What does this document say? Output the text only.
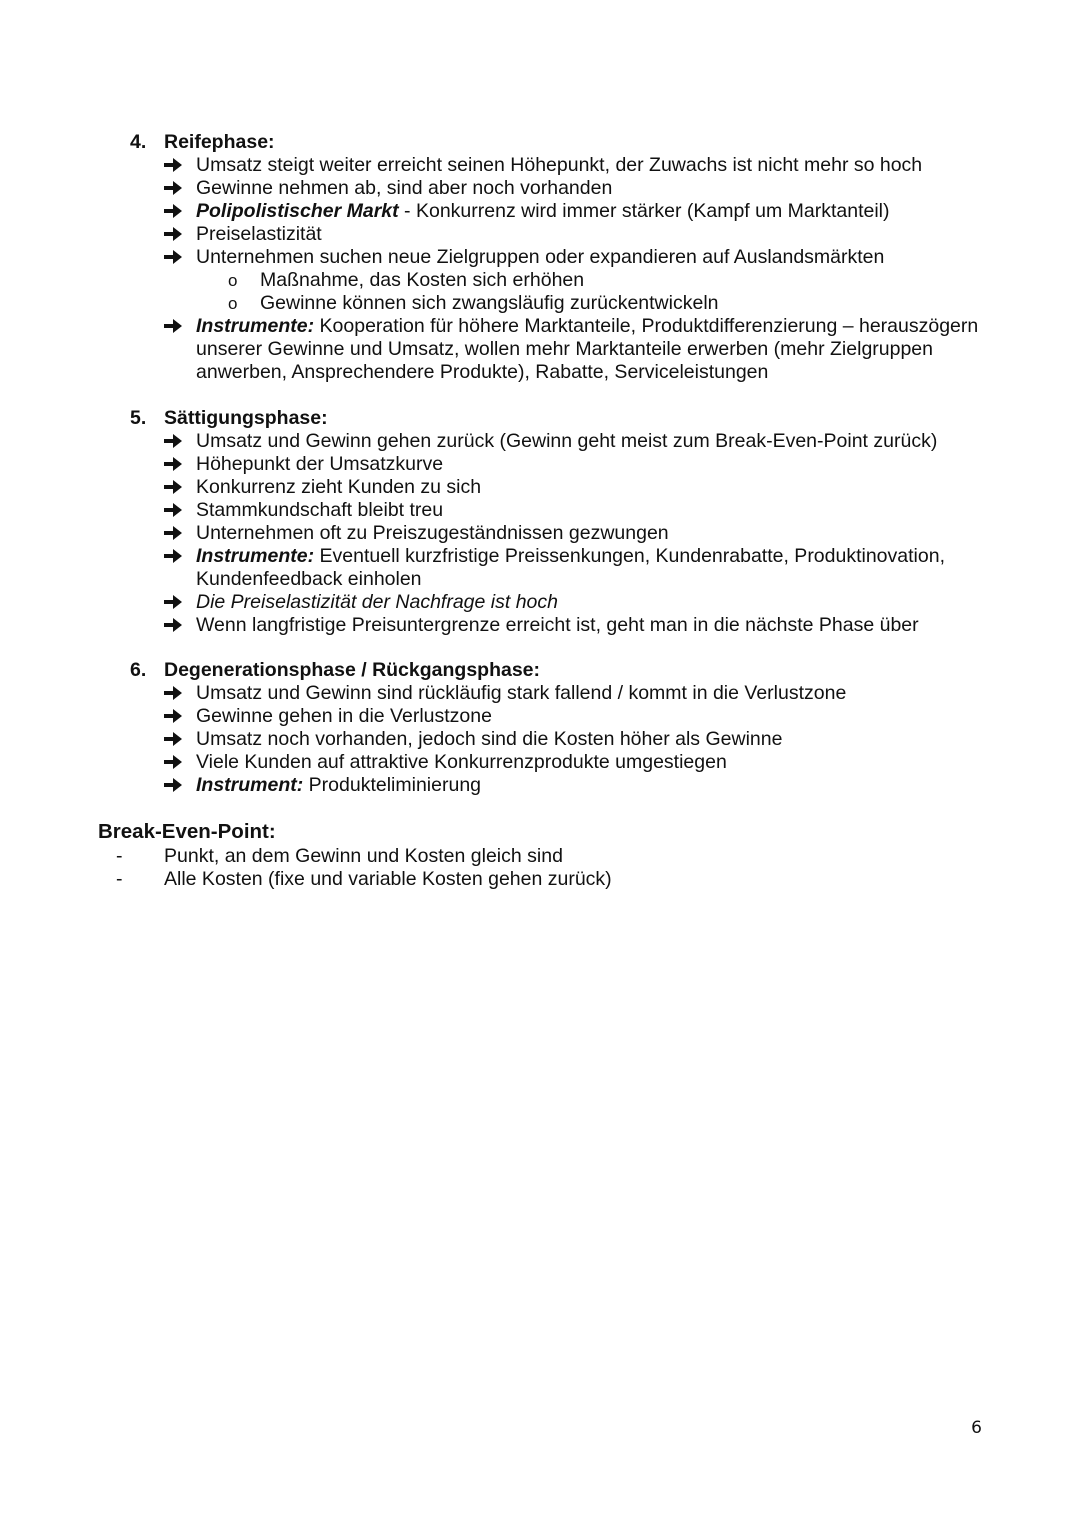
4. Reifephase:
Umsatz steigt weiter erreicht seinen Höhepunkt, der Zuwachs ist nicht mehr so hoch
Gewinne nehmen ab, sind aber noch vorhanden
Polipolistischer Markt - Konkurrenz wird immer stärker (Kampf um Marktanteil)
Preiselastizität
Unternehmen suchen neue Zielgruppen oder expandieren auf Auslandsmärkten
o	Maßnahme, das Kosten sich erhöhen
o	Gewinne können sich zwangsläufig zurückentwickeln
Instrumente: Kooperation für höhere Marktanteile, Produktdifferenzierung – herauszögern unserer Gewinne und Umsatz, wollen mehr Marktanteile erwerben (mehr Zielgruppen anwerben, Ansprechendere Produkte), Rabatte, Serviceleistungen
5. Sättigungsphase:
Umsatz und Gewinn gehen zurück (Gewinn geht meist zum Break-Even-Point zurück)
Höhepunkt der Umsatzkurve
Konkurrenz zieht Kunden zu sich
Stammkundschaft bleibt treu
Unternehmen oft zu Preiszugeständnissen gezwungen
Instrumente: Eventuell kurzfristige Preissenkungen, Kundenrabatte, Produktinovation, Kundenfeedback einholen
Die Preiselastizität der Nachfrage ist hoch
Wenn langfristige Preisuntergrenze erreicht ist, geht man in die nächste Phase über
6. Degenerationsphase / Rückgangsphase:
Umsatz und Gewinn sind rückläufig stark fallend / kommt in die Verlustzone
Gewinne gehen in die Verlustzone
Umsatz noch vorhanden, jedoch sind die Kosten höher als Gewinne
Viele Kunden auf attraktive Konkurrenzprodukte umgestiegen
Instrument: Produkteliminierung
Break-Even-Point:
-	Punkt, an dem Gewinn und Kosten gleich sind
-	Alle Kosten (fixe und variable Kosten gehen zurück)
6
